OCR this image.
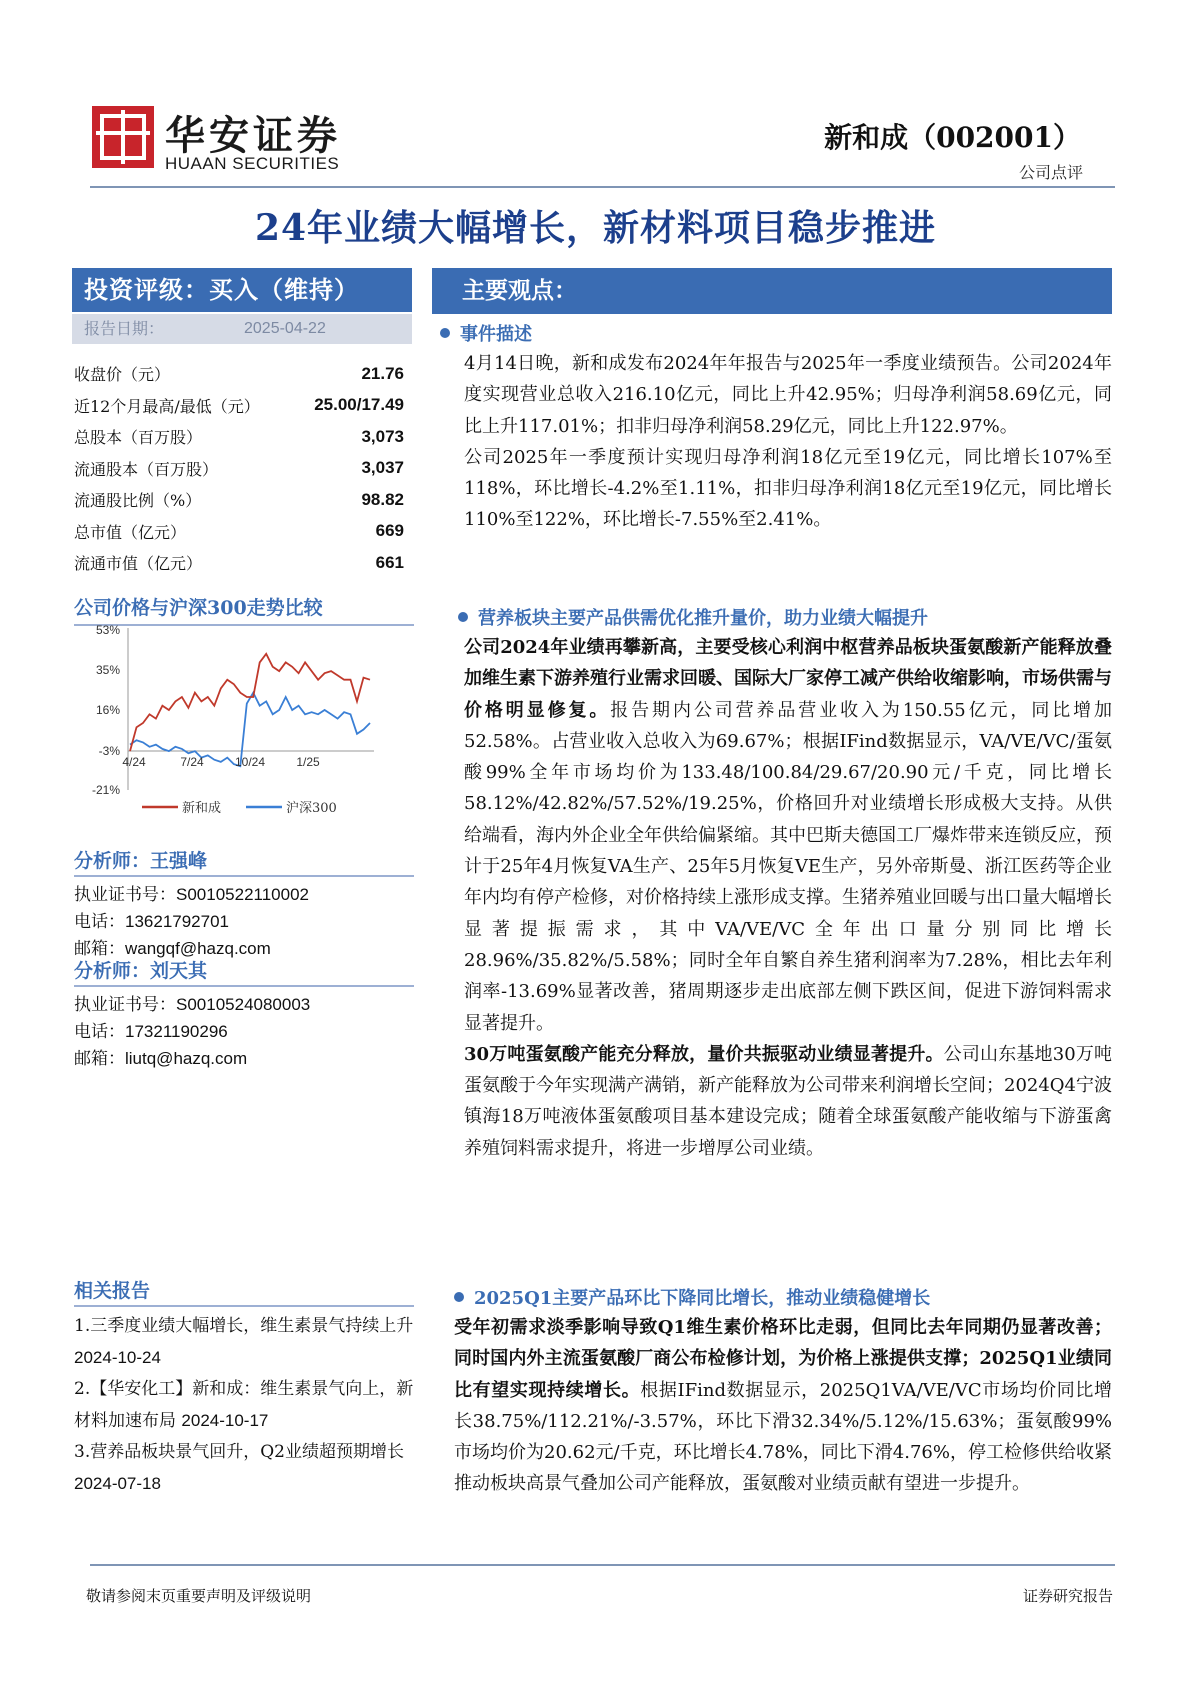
华安证券
HUAAN SECURITIES
新和成（002001）
公司点评
24年业绩大幅增长，新材料项目稳步推进
投资评级：买入（维持）
报告日期：	2025-04-22
收盘价（元）	21.76
近12个月最高/最低（元）	25.00/17.49
总股本（百万股）	3,073
流通股本（百万股）	3,037
流通股比例（%）	98.82
总市值（亿元）	669
流通市值（亿元）	661
公司价格与沪深300走势比较
53%
35%
16%
-3%
-21%
4/24	7/24	10/24	1/25
新和成	沪深300
分析师：王强峰
执业证书号：S0010522110002
电话：13621792701
邮箱：wangqf@hazq.com
分析师：刘天其
执业证书号：S0010524080003
电话：17321190296
邮箱：liutq@hazq.com
相关报告
1.三季度业绩大幅增长，维生素景气持续上升 2024-10-24
2.【华安化工】新和成：维生素景气向上，新材料加速布局 2024-10-17
3.营养品板块景气回升，Q2业绩超预期增长 2024-07-18
主要观点：
事件描述
4月14日晚，新和成发布2024年年报告与2025年一季度业绩预告。公司2024年度实现营业总收入216.10亿元，同比上升42.95%；归母净利润58.69亿元，同比上升117.01%；扣非归母净利润58.29亿元，同比上升122.97%。
公司2025年一季度预计实现归母净利润18亿元至19亿元，同比增长107%至118%，环比增长-4.2%至1.11%，扣非归母净利润18亿元至19亿元，同比增长110%至122%，环比增长-7.55%至2.41%。
营养板块主要产品供需优化推升量价，助力业绩大幅提升
公司2024年业绩再攀新高，主要受核心利润中枢营养品板块蛋氨酸新产能释放叠加维生素下游养殖行业需求回暖、国际大厂家停工减产供给收缩影响，市场供需与价格明显修复。报告期内公司营养品营业收入为150.55亿元，同比增加52.58%。占营业收入总收入为69.67%；根据IFind数据显示，VA/VE/VC/蛋氨酸99%全年市场均价为133.48/100.84/29.67/20.90元/千克，同比增长58.12%/42.82%/57.52%/19.25%，价格回升对业绩增长形成极大支持。从供给端看，海内外企业全年供给偏紧缩。其中巴斯夫德国工厂爆炸带来连锁反应，预计于25年4月恢复VA生产、25年5月恢复VE生产，另外帝斯曼、浙江医药等企业年内均有停产检修，对价格持续上涨形成支撑。生猪养殖业回暖与出口量大幅增长显著提振需求，其中VA/VE/VC全年出口量分别同比增长28.96%/35.82%/5.58%；同时全年自繁自养生猪利润率为7.28%，相比去年利润率-13.69%显著改善，猪周期逐步走出底部左侧下跌区间，促进下游饲料需求显著提升。
30万吨蛋氨酸产能充分释放，量价共振驱动业绩显著提升。公司山东基地30万吨蛋氨酸于今年实现满产满销，新产能释放为公司带来利润增长空间；2024Q4宁波镇海18万吨液体蛋氨酸项目基本建设完成；随着全球蛋氨酸产能收缩与下游蛋禽养殖饲料需求提升，将进一步增厚公司业绩。
2025Q1主要产品环比下降同比增长，推动业绩稳健增长
受年初需求淡季影响导致Q1维生素价格环比走弱，但同比去年同期仍显著改善；同时国内外主流蛋氨酸厂商公布检修计划，为价格上涨提供支撑；2025Q1业绩同比有望实现持续增长。根据IFind数据显示，2025Q1VA/VE/VC市场均价同比增长38.75%/112.21%/-3.57%，环比下滑32.34%/5.12%/15.63%；蛋氨酸99%市场均价为20.62元/千克，环比增长4.78%，同比下滑4.76%，停工检修供给收紧推动板块高景气叠加公司产能释放，蛋氨酸对业绩贡献有望进一步提升。
敬请参阅末页重要声明及评级说明	证券研究报告
